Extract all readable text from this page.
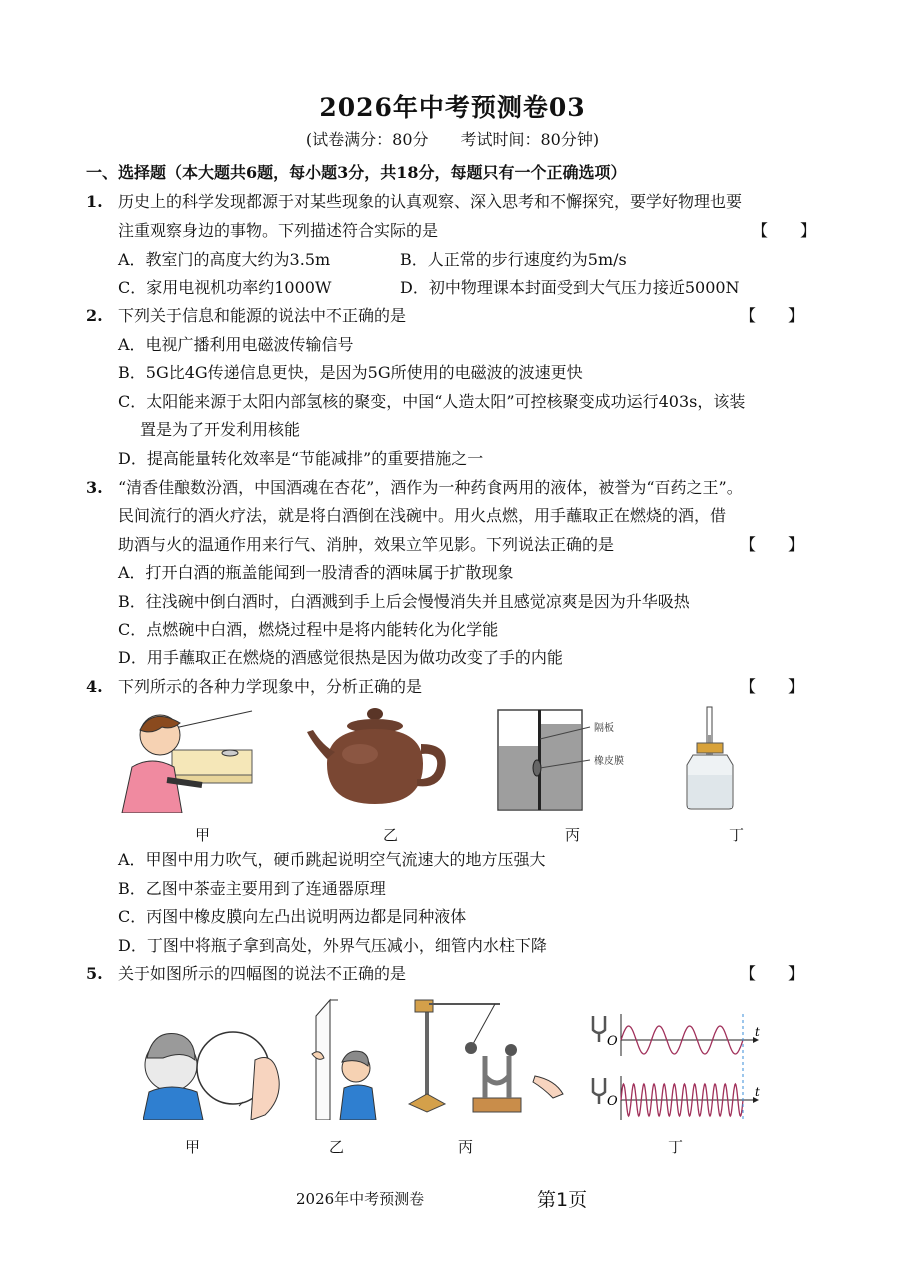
2026年中考预测卷03
(试卷满分：80分　　考试时间：80分钟)
一、选择题（本大题共6题，每小题3分，共18分，每题只有一个正确选项）
1. 历史上的科学发现都源于对某些现象的认真观察、深入思考和不懈探究，要学好物理也要
注重观察身边的事物。下列描述符合实际的是	【　　】
A．教室门的高度大约为3.5m	B．人正常的步行速度约为5m/s
C．家用电视机功率约1000W	D．初中物理课本封面受到大气压力接近5000N
2. 下列关于信息和能源的说法中不正确的是	【　　】
A．电视广播利用电磁波传输信号
B．5G比4G传递信息更快，是因为5G所使用的电磁波的波速更快
C．太阳能来源于太阳内部氢核的聚变，中国“人造太阳”可控核聚变成功运行403s，该装
置是为了开发利用核能
D．提高能量转化效率是“节能减排”的重要措施之一
3. “清香佳酿数汾酒，中国酒魂在杏花”，酒作为一种药食两用的液体，被誉为“百药之王”。
民间流行的酒火疗法，就是将白酒倒在浅碗中。用火点燃，用手蘸取正在燃烧的酒，借
助酒与火的温通作用来行气、消肿，效果立竿见影。下列说法正确的是	【　　】
A．打开白酒的瓶盖能闻到一股清香的酒味属于扩散现象
B．往浅碗中倒白酒时，白酒溅到手上后会慢慢消失并且感觉凉爽是因为升华吸热
C．点燃碗中白酒，燃烧过程中是将内能转化为化学能
D．用手蘸取正在燃烧的酒感觉很热是因为做功改变了手的内能
4. 下列所示的各种力学现象中，分析正确的是	【　　】
隔板
橡皮膜
甲	乙	丙	丁
A．甲图中用力吹气，硬币跳起说明空气流速大的地方压强大
B．乙图中茶壶主要用到了连通器原理
C．丙图中橡皮膜向左凸出说明两边都是同种液体
D．丁图中将瓶子拿到高处，外界气压减小，细管内水柱下降
5. 关于如图所示的四幅图的说法不正确的是	【　　】
O
t
O
t
甲	乙	丙	丁
2026年中考预测卷	第1页
